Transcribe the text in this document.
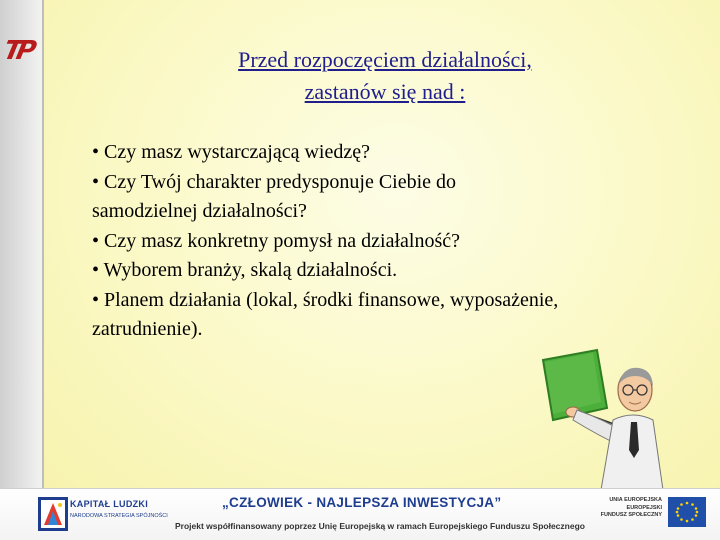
TP	Przed rozpoczęciem działalności,
zastanów się nad :
• Czy masz wystarczającą wiedzę?
• Czy Twój charakter predysponuje Ciebie do samodzielnej działalności?
• Czy masz konkretny pomysł na działalność?
• Wyborem branży, skalą działalności.
• Planem działania (lokal, środki finansowe, wyposażenie, zatrudnienie).
KAPITAŁ LUDZKI
NARODOWA STRATEGIA SPÓJNOŚCI
„CZŁOWIEK - NAJLEPSZA INWESTYCJA”
Projekt współfinansowany poprzez Unię Europejską w ramach Europejskiego Funduszu Społecznego
UNIA EUROPEJSKA
EUROPEJSKI
FUNDUSZ SPOŁECZNY
